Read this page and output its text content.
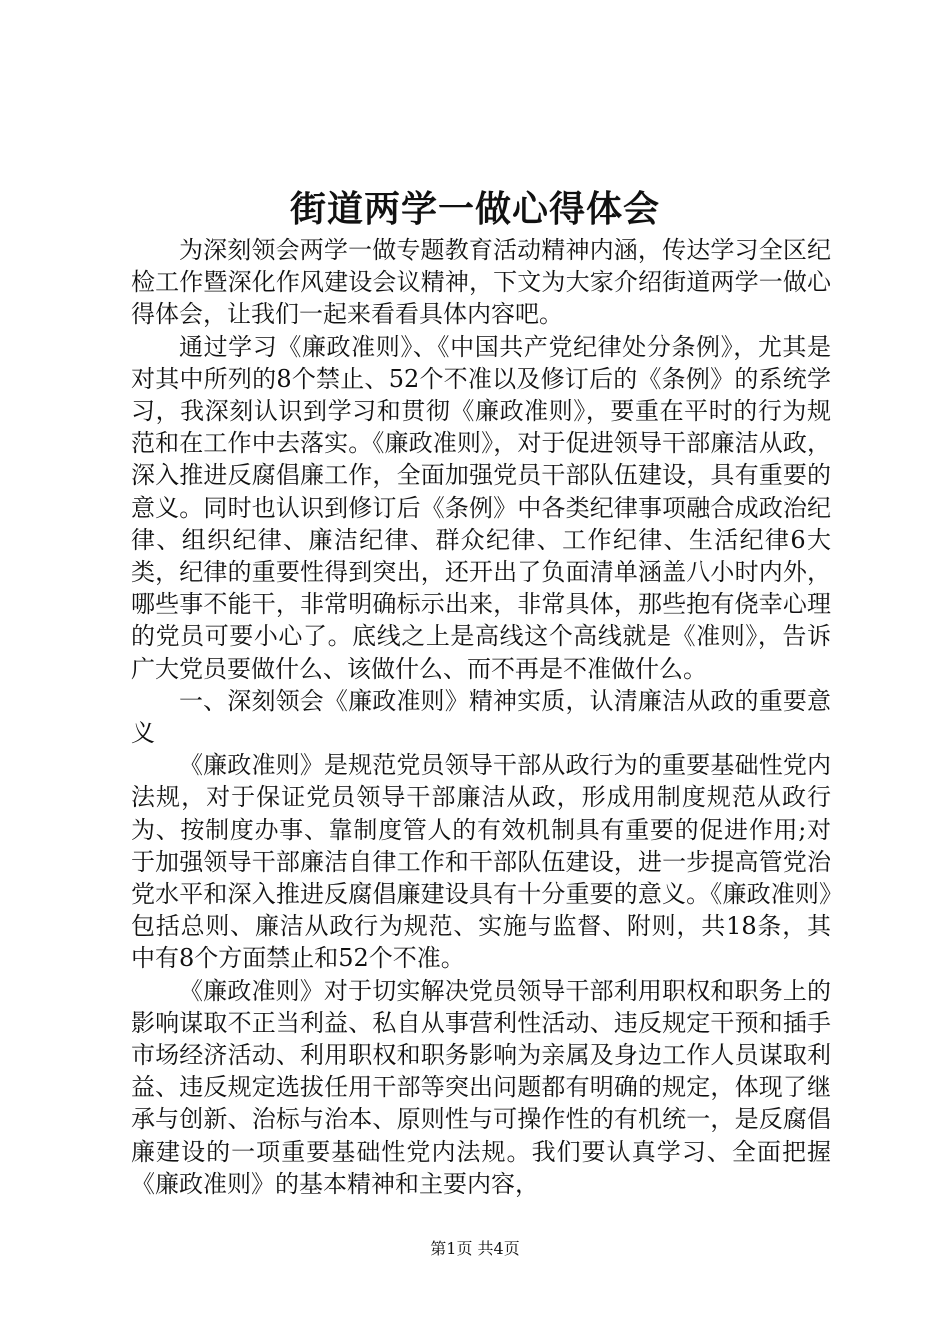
街道两学一做心得体会

为深刻领会两学一做专题教育活动精神内涵，传达学习全区纪检工作暨深化作风建设会议精神，下文为大家介绍街道两学一做心得体会，让我们一起来看看具体内容吧。

通过学习《廉政准则》、《中国共产党纪律处分条例》，尤其是对其中所列的8个禁止、52个不准以及修订后的《条例》的系统学习，我深刻认识到学习和贯彻《廉政准则》，要重在平时的行为规范和在工作中去落实。《廉政准则》，对于促进领导干部廉洁从政，深入推进反腐倡廉工作，全面加强党员干部队伍建设，具有重要的意义。同时也认识到修订后《条例》中各类纪律事项融合成政治纪律、组织纪律、廉洁纪律、群众纪律、工作纪律、生活纪律6大类，纪律的重要性得到突出，还开出了负面清单涵盖八小时内外，哪些事不能干，非常明确标示出来，非常具体，那些抱有侥幸心理的党员可要小心了。底线之上是高线这个高线就是《准则》，告诉广大党员要做什么、该做什么、而不再是不准做什么。

一、深刻领会《廉政准则》精神实质，认清廉洁从政的重要意义

《廉政准则》是规范党员领导干部从政行为的重要基础性党内法规，对于保证党员领导干部廉洁从政，形成用制度规范从政行为、按制度办事、靠制度管人的有效机制具有重要的促进作用;对于加强领导干部廉洁自律工作和干部队伍建设，进一步提高管党治党水平和深入推进反腐倡廉建设具有十分重要的意义。《廉政准则》包括总则、廉洁从政行为规范、实施与监督、附则，共18条，其中有8个方面禁止和52个不准。

《廉政准则》对于切实解决党员领导干部利用职权和职务上的影响谋取不正当利益、私自从事营利性活动、违反规定干预和插手市场经济活动、利用职权和职务影响为亲属及身边工作人员谋取利益、违反规定选拔任用干部等突出问题都有明确的规定，体现了继承与创新、治标与治本、原则性与可操作性的有机统一，是反腐倡廉建设的一项重要基础性党内法规。我们要认真学习、全面把握《廉政准则》的基本精神和主要内容，

第1页 共4页
